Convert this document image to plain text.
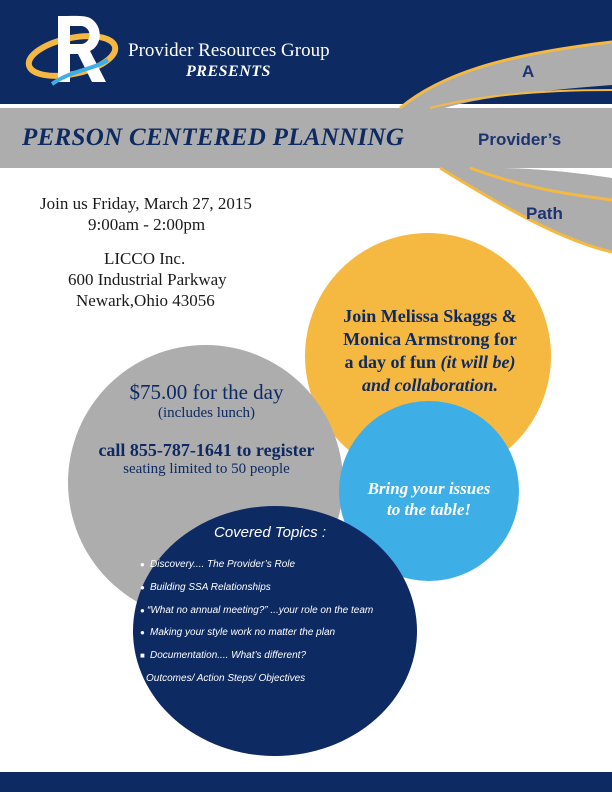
Provider Resources Group
PRESENTS
PERSON CENTERED PLANNING
A
Provider’s
Path
Join us Friday, March 27, 2015
9:00am - 2:00pm
LICCO Inc.
600 Industrial Parkway
Newark,Ohio 43056
Join Melissa Skaggs &
Monica Armstrong for
a day of fun (it will be)
and collaboration.
$75.00 for the day
(includes lunch)
call 855-787-1641 to register
seating limited to 50 people
Bring your issues
to the table!
Covered Topics :
● Discovery.... The Provider’s Role
● Building SSA Relationships
● “What no annual meeting?” ...your role on the team
● Making your style work no matter the plan
■ Documentation.... What’s different?
● Outcomes/ Action Steps/ Objectives
